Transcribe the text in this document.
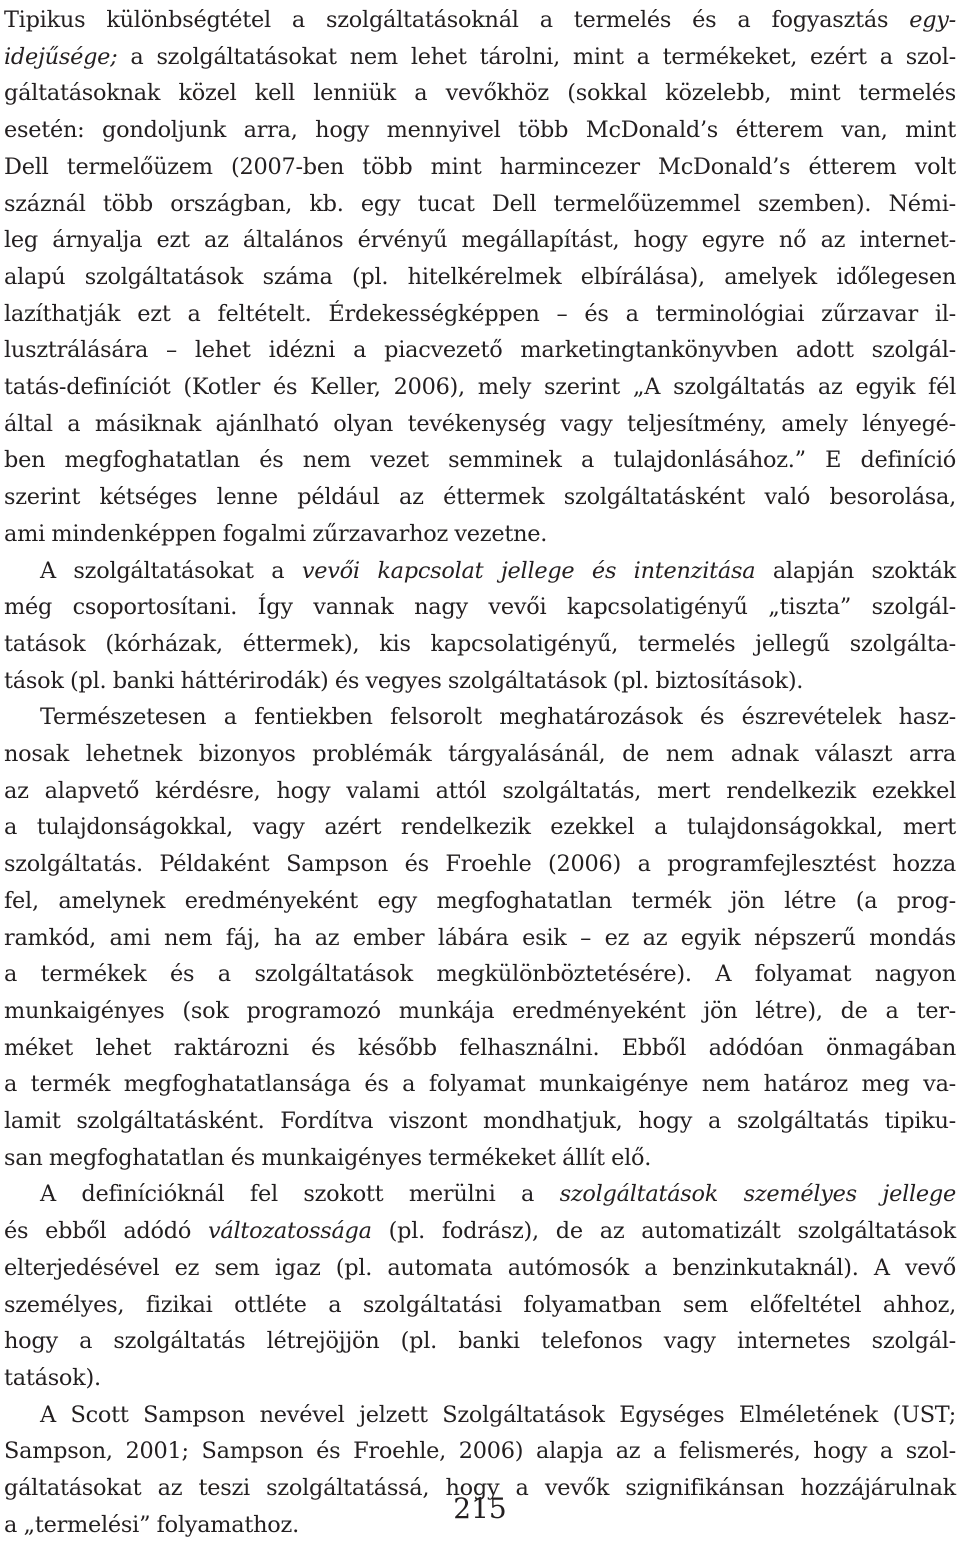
Tipikus különbségtétel a szolgáltatásoknál a termelés és a fogyasztás egy-
idejűsége; a szolgáltatásokat nem lehet tárolni, mint a termékeket, ezért a szol-
gáltatásoknak közel kell lenniük a vevőkhöz (sokkal közelebb, mint termelés
esetén: gondoljunk arra, hogy mennyivel több McDonald’s étterem van, mint
Dell termelőüzem (2007-ben több mint harmincezer McDonald’s étterem volt
száznál több országban, kb. egy tucat Dell termelőüzemmel szemben). Némi-
leg árnyalja ezt az általános érvényű megállapítást, hogy egyre nő az internet-
alapú szolgáltatások száma (pl. hitelkérelmek elbírálása), amelyek időlegesen
lazíthatják ezt a feltételt. Érdekességképpen – és a terminológiai zűrzavar il-
lusztrálására – lehet idézni a piacvezető marketingtankönyvben adott szolgál-
tatás-definíciót (Kotler és Keller, 2006), mely szerint „A szolgáltatás az egyik fél
által a másiknak ajánlható olyan tevékenység vagy teljesítmény, amely lényegé-
ben megfoghatatlan és nem vezet semminek a tulajdonlásához.” E definíció
szerint kétséges lenne például az éttermek szolgáltatásként való besorolása,
ami mindenképpen fogalmi zűrzavarhoz vezetne.
A szolgáltatásokat a vevői kapcsolat jellege és intenzitása alapján szokták
még csoportosítani. Így vannak nagy vevői kapcsolatigényű „tiszta” szolgál-
tatások (kórházak, éttermek), kis kapcsolatigényű, termelés jellegű szolgálta-
tások (pl. banki háttérirodák) és vegyes szolgáltatások (pl. biztosítások).
Természetesen a fentiekben felsorolt meghatározások és észrevételek hasz-
nosak lehetnek bizonyos problémák tárgyalásánál, de nem adnak választ arra
az alapvető kérdésre, hogy valami attól szolgáltatás, mert rendelkezik ezekkel
a tulajdonságokkal, vagy azért rendelkezik ezekkel a tulajdonságokkal, mert
szolgáltatás. Példaként Sampson és Froehle (2006) a programfejlesztést hozza
fel, amelynek eredményeként egy megfoghatatlan termék jön létre (a prog-
ramkód, ami nem fáj, ha az ember lábára esik – ez az egyik népszerű mondás
a termékek és a szolgáltatások megkülönböztetésére). A folyamat nagyon
munkaigényes (sok programozó munkája eredményeként jön létre), de a ter-
méket lehet raktározni és később felhasználni. Ebből adódóan önmagában
a termék megfoghatatlansága és a folyamat munkaigénye nem határoz meg va-
lamit szolgáltatásként. Fordítva viszont mondhatjuk, hogy a szolgáltatás tipiku-
san megfoghatatlan és munkaigényes termékeket állít elő.
A definícióknál fel szokott merülni a szolgáltatások személyes jellege
és ebből adódó változatossága (pl. fodrász), de az automatizált szolgáltatások
elterjedésével ez sem igaz (pl. automata autómosók a benzinkutaknál). A vevő
személyes, fizikai ottléte a szolgáltatási folyamatban sem előfeltétel ahhoz,
hogy a szolgáltatás létrejöjjön (pl. banki telefonos vagy internetes szolgál-
tatások).
A Scott Sampson nevével jelzett Szolgáltatások Egységes Elméletének (UST;
Sampson, 2001; Sampson és Froehle, 2006) alapja az a felismerés, hogy a szol-
gáltatásokat az teszi szolgáltatássá, hogy a vevők szignifikánsan hozzájárulnak
a „termelési” folyamathoz.	215
